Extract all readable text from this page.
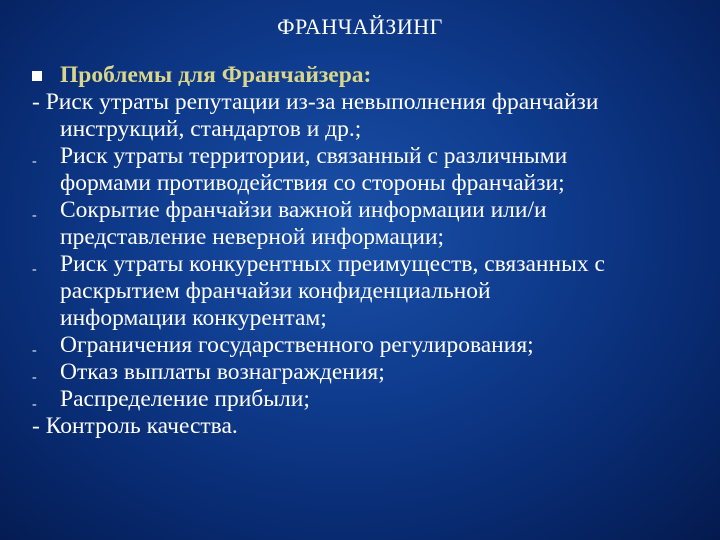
ФРАНЧАЙЗИНГ
Проблемы для Франчайзера:
- Риск утраты репутации из-за невыполнения франчайзи
инструкций, стандартов и др.;
- Риск утраты территории, связанный с различными
формами противодействия со стороны франчайзи;
- Сокрытие франчайзи важной информации или/и
представление неверной информации;
- Риск утраты конкурентных преимуществ, связанных с
раскрытием франчайзи конфиденциальной
информации конкурентам;
- Ограничения государственного регулирования;
- Отказ выплаты вознаграждения;
- Распределение прибыли;
- Контроль качества.
